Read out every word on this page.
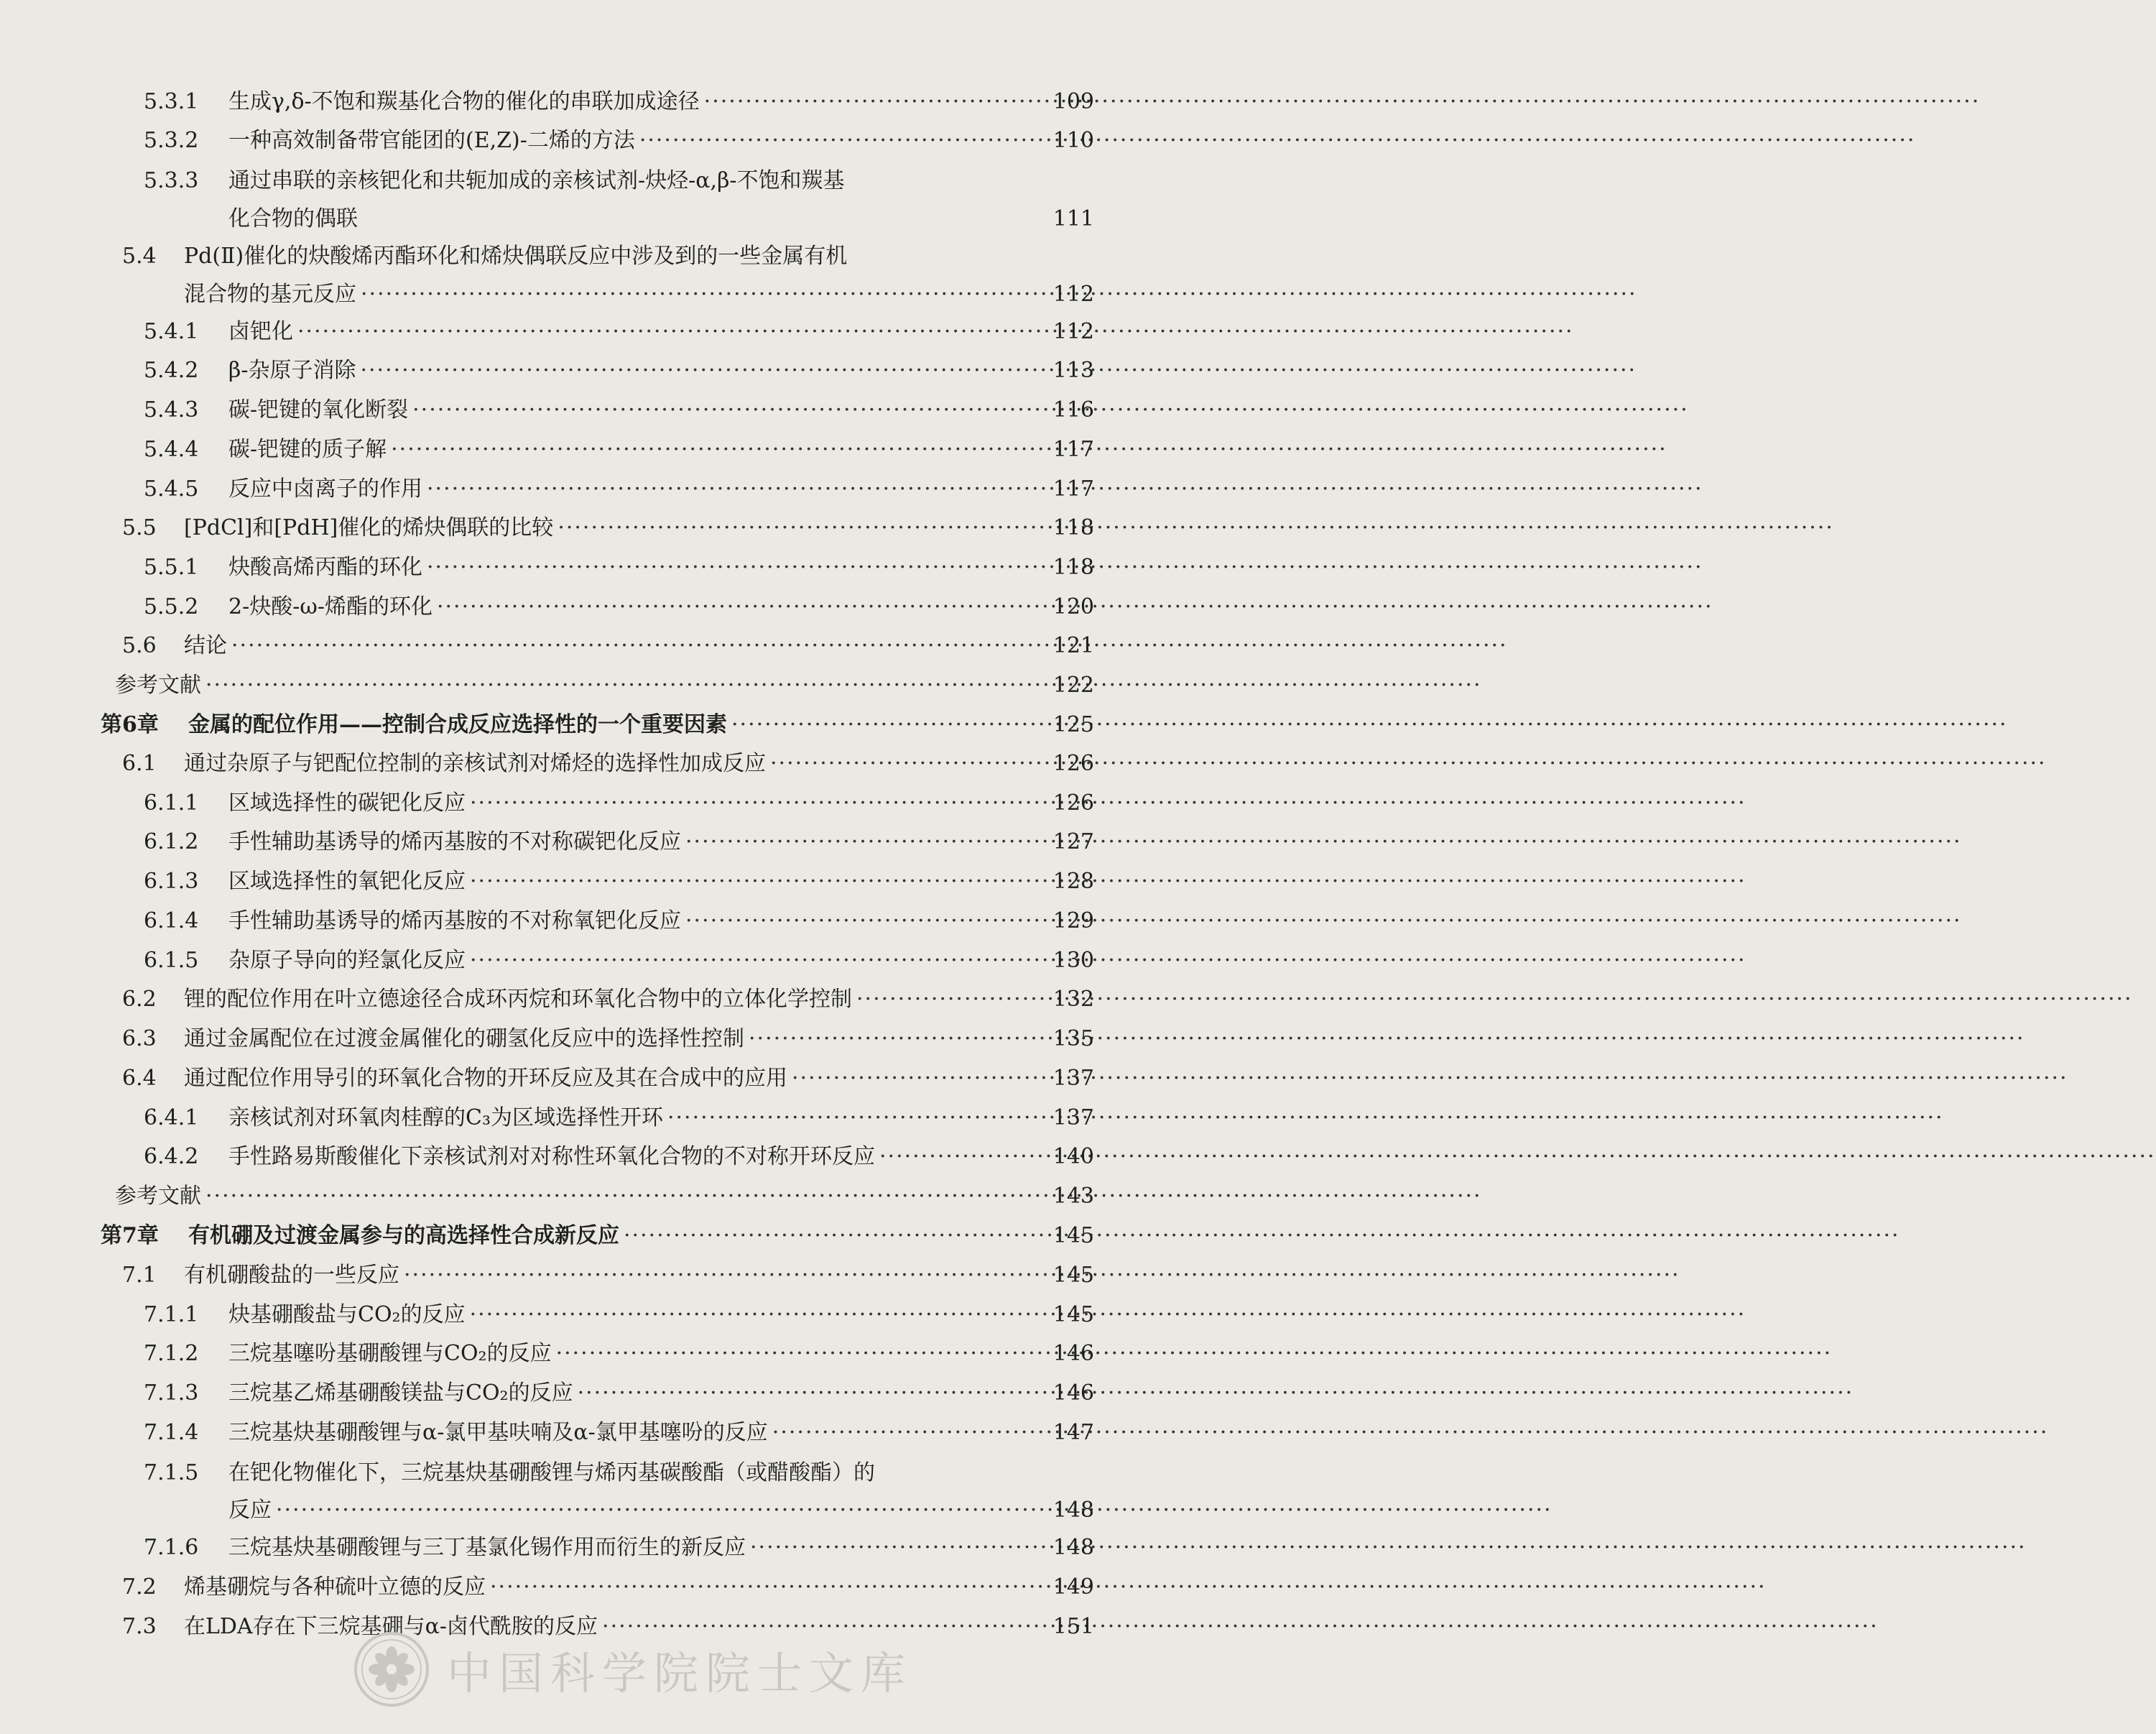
5.3.1	生成γ,δ-不饱和羰基化合物的催化的串联加成途径 ·····	109
5.3.2	一种高效制备带官能团的(E,Z)-二烯的方法 ·····	110
5.3.3	通过串联的亲核钯化和共轭加成的亲核试剂-炔烃-α,β-不饱和羰基
化合物的偶联	111
5.4	Pd(Ⅱ)催化的炔酸烯丙酯环化和烯炔偶联反应中涉及到的一些金属有机
混合物的基元反应 ·····	112
5.4.1	卤钯化 ·····	112
5.4.2	β-杂原子消除 ·····	113
5.4.3	碳-钯键的氧化断裂 ·····	116
5.4.4	碳-钯键的质子解 ·····	117
5.4.5	反应中卤离子的作用 ·····	117
5.5	[PdCl]和[PdH]催化的烯炔偶联的比较 ·····	118
5.5.1	炔酸高烯丙酯的环化 ·····	118
5.5.2	2-炔酸-ω-烯酯的环化 ·····	120
5.6	结论 ·····	121
参考文献 ·····	122
第6章	金属的配位作用——控制合成反应选择性的一个重要因素 ·····	125
6.1	通过杂原子与钯配位控制的亲核试剂对烯烃的选择性加成反应 ·····	126
6.1.1	区域选择性的碳钯化反应 ·····	126
6.1.2	手性辅助基诱导的烯丙基胺的不对称碳钯化反应 ·····	127
6.1.3	区域选择性的氧钯化反应 ·····	128
6.1.4	手性辅助基诱导的烯丙基胺的不对称氧钯化反应 ·····	129
6.1.5	杂原子导向的羟氯化反应 ·····	130
6.2	锂的配位作用在叶立德途径合成环丙烷和环氧化合物中的立体化学控制 ·····	132
6.3	通过金属配位在过渡金属催化的硼氢化反应中的选择性控制 ·····	135
6.4	通过配位作用导引的环氧化合物的开环反应及其在合成中的应用 ·····	137
6.4.1	亲核试剂对环氧肉桂醇的C₃为区域选择性开环 ·····	137
6.4.2	手性路易斯酸催化下亲核试剂对对称性环氧化合物的不对称开环反应 ·····	140
参考文献 ·····	143
第7章	有机硼及过渡金属参与的高选择性合成新反应 ·····	145
7.1	有机硼酸盐的一些反应 ·····	145
7.1.1	炔基硼酸盐与CO₂的反应 ·····	145
7.1.2	三烷基噻吩基硼酸锂与CO₂的反应 ·····	146
7.1.3	三烷基乙烯基硼酸镁盐与CO₂的反应 ·····	146
7.1.4	三烷基炔基硼酸锂与α-氯甲基呋喃及α-氯甲基噻吩的反应 ·····	147
7.1.5	在钯化物催化下，三烷基炔基硼酸锂与烯丙基碳酸酯（或醋酸酯）的
反应 ·····	148
7.1.6	三烷基炔基硼酸锂与三丁基氯化锡作用而衍生的新反应 ·····	148
7.2	烯基硼烷与各种硫叶立德的反应 ·····	149
7.3	在LDA存在下三烷基硼与α-卤代酰胺的反应 ·····	151
中国科学院院士文库
